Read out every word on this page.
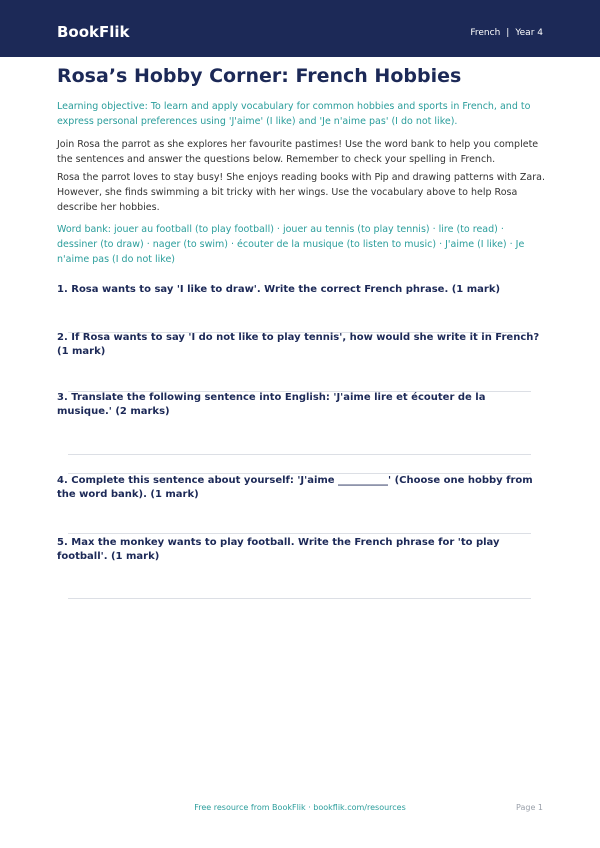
BookFlik	French | Year 4
Rosa’s Hobby Corner: French Hobbies

Learning objective: To learn and apply vocabulary for common hobbies and sports in French, and to express personal preferences using 'J'aime' (I like) and 'Je n'aime pas' (I do not like).

Join Rosa the parrot as she explores her favourite pastimes! Use the word bank to help you complete the sentences and answer the questions below. Remember to check your spelling in French.

Rosa the parrot loves to stay busy! She enjoys reading books with Pip and drawing patterns with Zara. However, she finds swimming a bit tricky with her wings. Use the vocabulary above to help Rosa describe her hobbies.

Word bank: jouer au football (to play football) · jouer au tennis (to play tennis) · lire (to read) · dessiner (to draw) · nager (to swim) · écouter de la musique (to listen to music) · J'aime (I like) · Je n'aime pas (I do not like)

1. Rosa wants to say 'I like to draw'. Write the correct French phrase. (1 mark)

2. If Rosa wants to say 'I do not like to play tennis', how would she write it in French? (1 mark)

3. Translate the following sentence into English: 'J'aime lire et écouter de la musique.' (2 marks)

4. Complete this sentence about yourself: 'J'aime __________' (Choose one hobby from the word bank). (1 mark)

5. Max the monkey wants to play football. Write the French phrase for 'to play football'. (1 mark)

Free resource from BookFlik · bookflik.com/resources	Page 1
